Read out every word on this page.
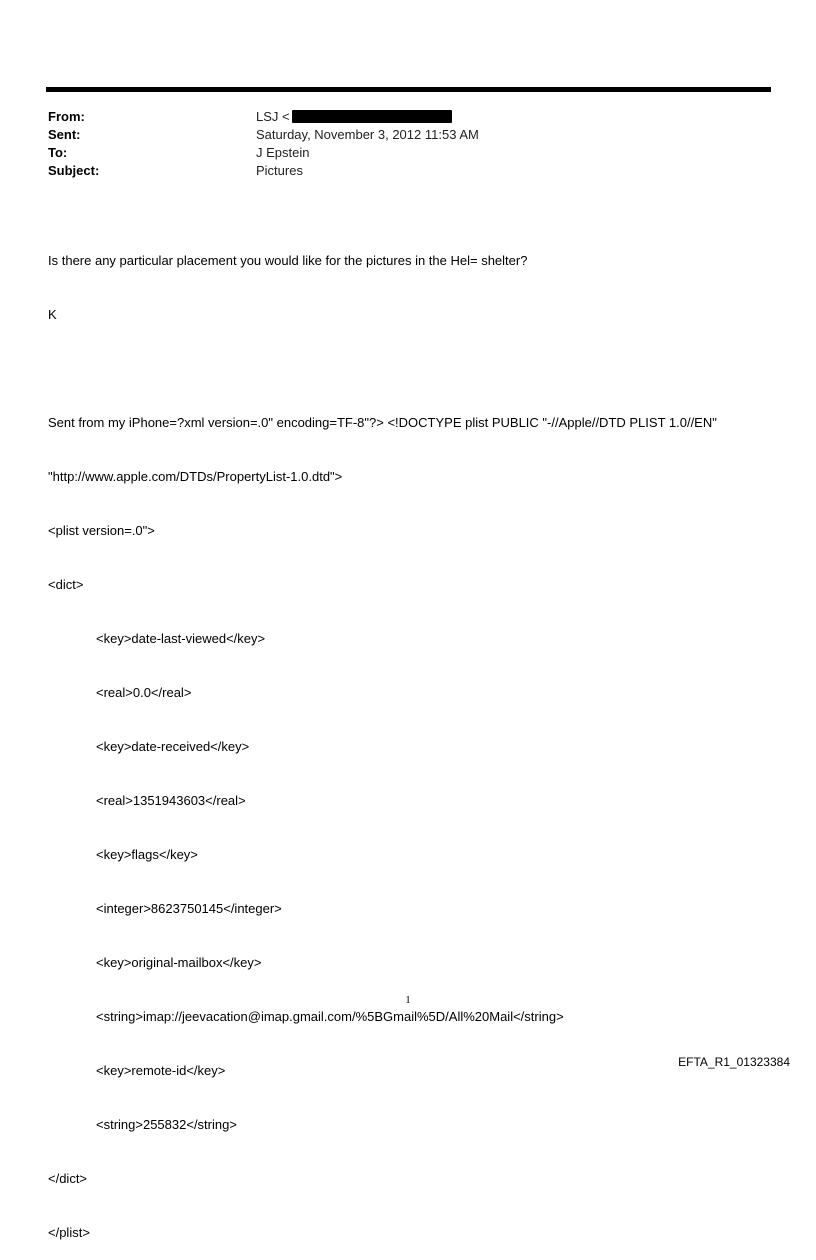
From:	LSJ <
Sent:	Saturday, November 3, 2012 11:53 AM
To:	J Epstein
Subject:	Pictures

Is there any particular placement you would like for the pictures in the Hel= shelter?

K

Sent from my iPhone=?xml version=.0" encoding=TF-8"?> <!DOCTYPE plist PUBLIC "-//Apple//DTD PLIST 1.0//EN"

"http://www.apple.com/DTDs/PropertyList-1.0.dtd">

<plist version=.0">

<dict>

<key>date-last-viewed</key>

<real>0.0</real>

<key>date-received</key>

<real>1351943603</real>

<key>flags</key>

<integer>8623750145</integer>

<key>original-mailbox</key>

<string>imap://jeevacation@imap.gmail.com/%5BGmail%5D/All%20Mail</string>

<key>remote-id</key>

<string>255832</string>

</dict>

</plist>

1
EFTA_R1_01323384
